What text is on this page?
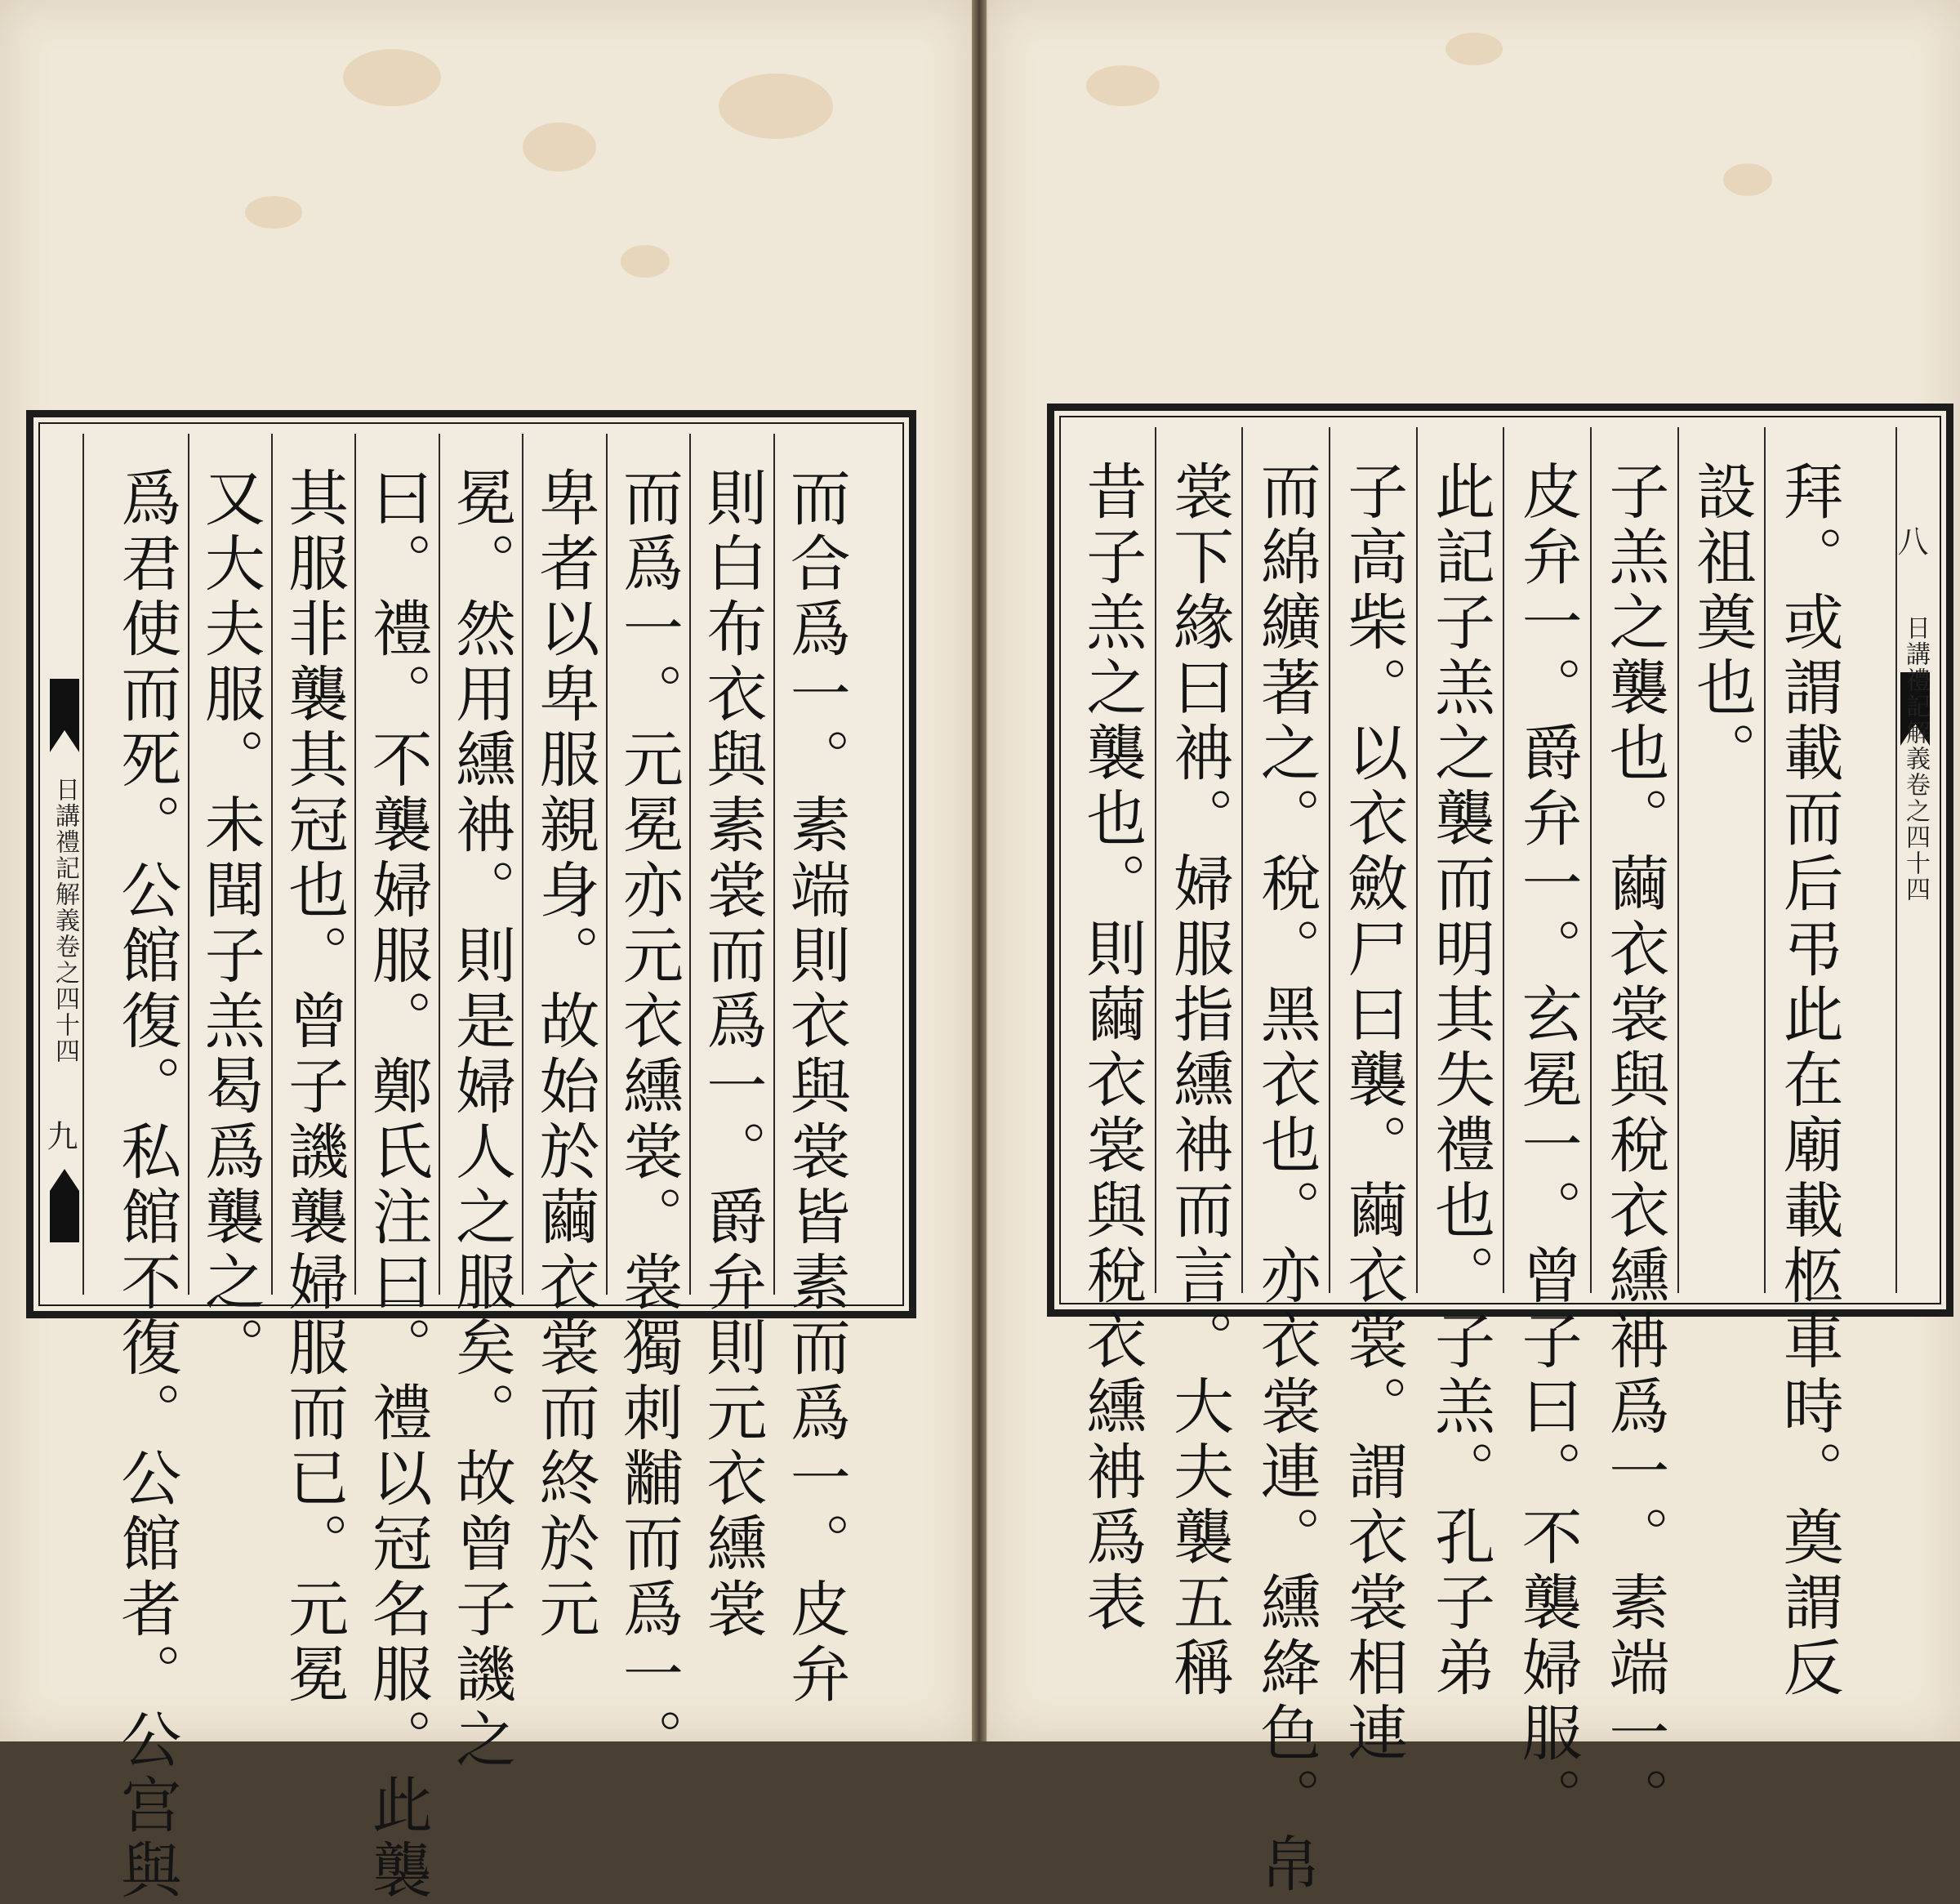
日講禮記解義卷之四十四
九	而合爲一。素端則衣與裳皆素而爲一。皮弁
則白布衣與素裳而爲一。爵弁則元衣纁裳
而爲一。元冕亦元衣纁裳。裳獨刺黼而爲一。
卑者以卑服親身。故始於繭衣裳而終於元
冕。然用纁袡。則是婦人之服矣。故曾子譏之
曰。禮。不襲婦服。鄭氏注曰。禮以冠名服。此襲
其服非襲其冠也。曾子譏襲婦服而已。元冕
又大夫服。未聞子羔曷爲襲之。
爲君使而死。公館復。私館不復。公館者。公宫與	八
日講禮記解義卷之四十四
拜。或謂載而后弔此在廟載柩車時。奠謂反
設祖奠也。
子羔之襲也。繭衣裳與稅衣纁袡爲一。素端一。
皮弁一。爵弁一。玄冕一。曾子曰。不襲婦服。
此記子羔之襲而明其失禮也。子羔。孔子弟
子高柴。以衣斂尸曰襲。繭衣裳。謂衣裳相連
而綿纊著之。稅。黑衣也。亦衣裳連。纁絳色。帛
裳下緣曰袡。婦服指纁袡而言。大夫襲五稱
昔子羔之襲也。則繭衣裳與稅衣纁袡爲表
